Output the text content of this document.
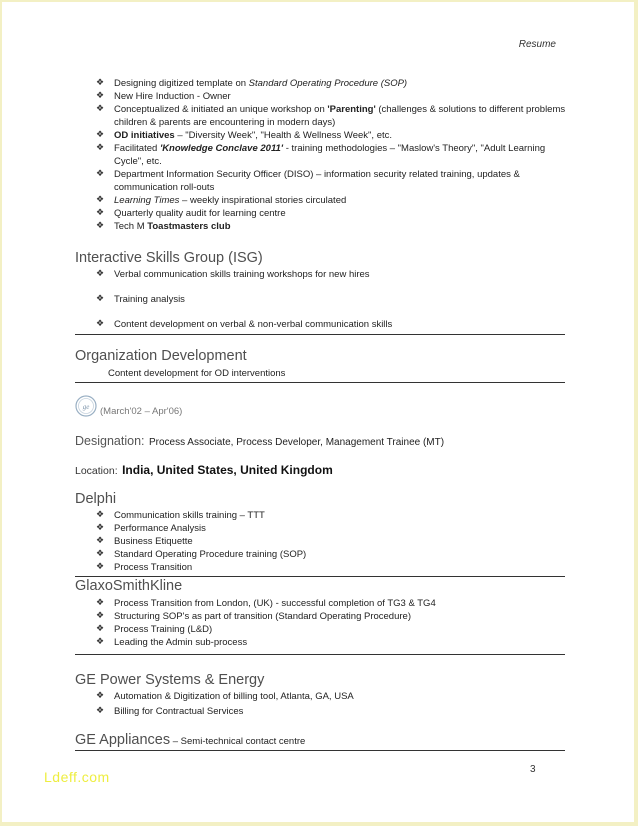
Resume
❖ Designing digitized template on Standard Operating Procedure (SOP)
❖ New Hire Induction - Owner
❖ Conceptualized & initiated an unique workshop on 'Parenting' (challenges & solutions to different problems children & parents are encountering in modern days)
❖ OD initiatives – "Diversity Week", "Health & Wellness Week", etc.
❖ Facilitated 'Knowledge Conclave 2011' - training methodologies – "Maslow's Theory", "Adult Learning Cycle", etc.
❖ Department Information Security Officer (DISO) – information security related training, updates & communication roll-outs
❖ Learning Times – weekly inspirational stories circulated
❖ Quarterly quality audit for learning centre
❖ Tech M Toastmasters club
Interactive Skills Group (ISG)
❖ Verbal communication skills training workshops for new hires
❖ Training analysis
❖ Content development on verbal & non-verbal communication skills
Organization Development
Content development for OD interventions
ge (March'02 – Apr'06)
Designation: Process Associate, Process Developer, Management Trainee (MT)
Location: India, United States, United Kingdom
Delphi
❖ Communication skills training – TTT
❖ Performance Analysis
❖ Business Etiquette
❖ Standard Operating Procedure training (SOP)
❖ Process Transition
GlaxoSmithKline
❖ Process Transition from London, (UK) - successful completion of TG3 & TG4
❖ Structuring SOP's as part of transition (Standard Operating Procedure)
❖ Process Training (L&D)
❖ Leading the Admin sub-process
GE Power Systems & Energy
❖ Automation & Digitization of billing tool, Atlanta, GA, USA
❖ Billing for Contractual Services
GE Appliances – Semi-technical contact centre
3
Ldeff.com
